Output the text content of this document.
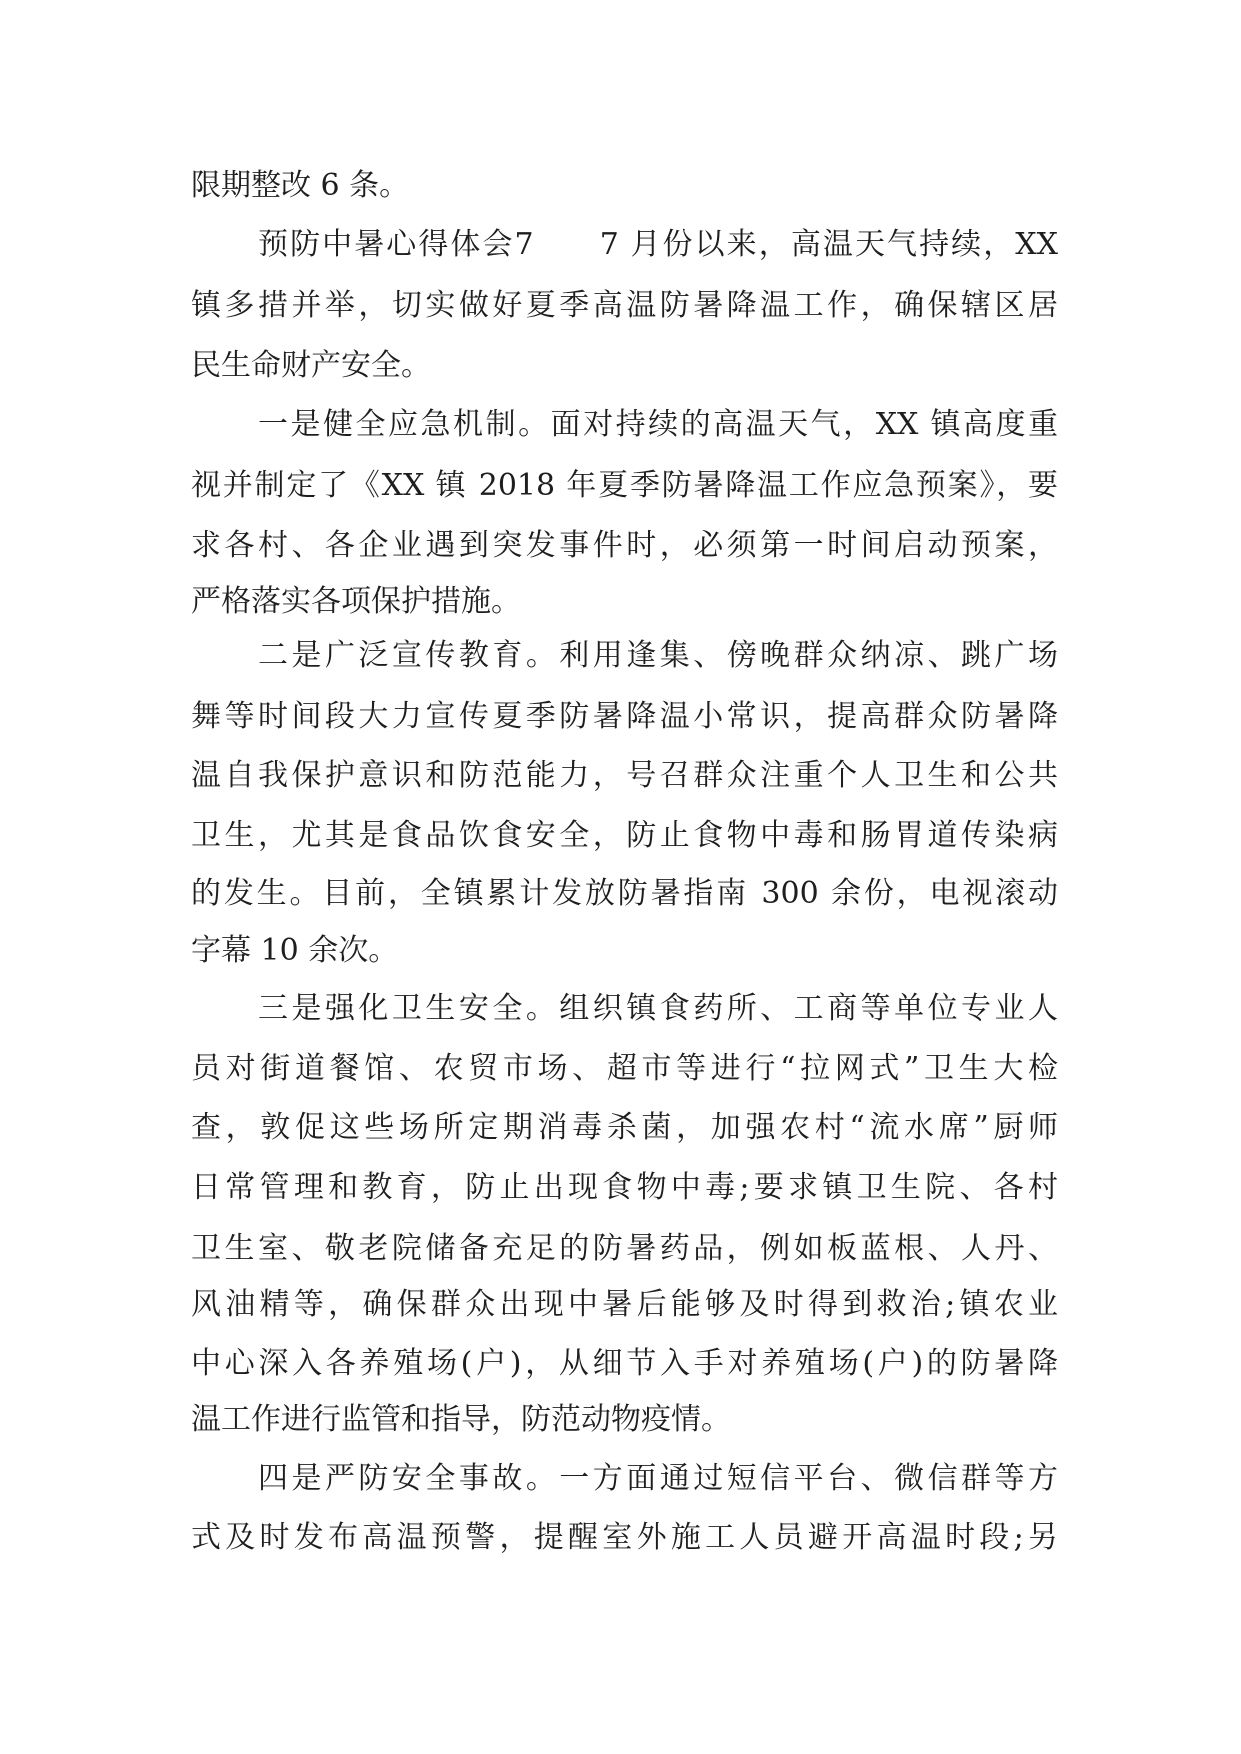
限期整改 6 条。
预防中暑心得体会7　　7 月份以来，高温天气持续，XX
镇多措并举，切实做好夏季高温防暑降温工作，确保辖区居
民生命财产安全。
一是健全应急机制。面对持续的高温天气，XX 镇高度重
视并制定了《XX 镇 2018 年夏季防暑降温工作应急预案》，要
求各村、各企业遇到突发事件时，必须第一时间启动预案，
严格落实各项保护措施。
二是广泛宣传教育。利用逢集、傍晚群众纳凉、跳广场
舞等时间段大力宣传夏季防暑降温小常识，提高群众防暑降
温自我保护意识和防范能力，号召群众注重个人卫生和公共
卫生，尤其是食品饮食安全，防止食物中毒和肠胃道传染病
的发生。目前，全镇累计发放防暑指南 300 余份，电视滚动
字幕 10 余次。
三是强化卫生安全。组织镇食药所、工商等单位专业人
员对街道餐馆、农贸市场、超市等进行“拉网式”卫生大检
查，敦促这些场所定期消毒杀菌，加强农村“流水席”厨师
日常管理和教育，防止出现食物中毒;要求镇卫生院、各村
卫生室、敬老院储备充足的防暑药品，例如板蓝根、人丹、
风油精等，确保群众出现中暑后能够及时得到救治;镇农业
中心深入各养殖场(户)，从细节入手对养殖场(户)的防暑降
温工作进行监管和指导，防范动物疫情。
四是严防安全事故。一方面通过短信平台、微信群等方
式及时发布高温预警，提醒室外施工人员避开高温时段;另
